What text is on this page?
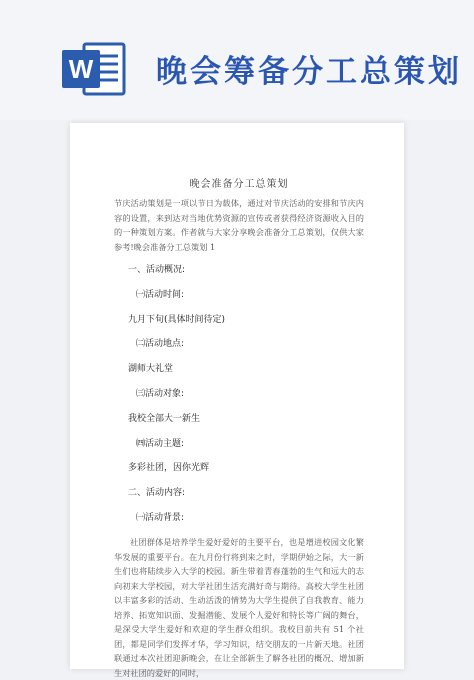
W 晚会筹备分工总策划
晚会准备分工总策划
节庆活动策划是一项以节日为载体，通过对节庆活动的安排和节庆内容的设置，来到达对当地优势资源的宣传或者获得经济资源收入目的的一种策划方案。作者就与大家分享晚会准备分工总策划，仅供大家参考!晚会准备分工总策划 1
一、活动概况:
㈠活动时间:
九月下旬(具体时间待定)
㈡活动地点:
湖师大礼堂
㈢活动对象:
我校全部大一新生
㈣活动主题:
多彩社团，因你光辉
二、活动内容:
㈠活动背景:
社团群体是培养学生爱好爱好的主要平台，也是增进校园文化繁华发展的重要平台。在九月份行将到来之时，学期伊始之际，大一新生们也将陆续步入大学的校园。新生带着青春蓬勃的生气和远大的志向初来大学校园，对大学社团生活充满好奇与期待。高校大学生社团以丰富多彩的活动、生动活泼的情势为大学生提供了自我教育、能力培养、拓宽知识面、发掘潜能、发展个人爱好和特长等广阔的舞台，是深受大学生爱好和欢迎的学生群众组织。我校目前共有 51 个社团，都是同学们发挥才华，学习知识，结交朋友的一片新天地。社团联通过本次社团迎新晚会，在让全部新生了解各社团的概况、增加新生对社团的爱好的同时，
